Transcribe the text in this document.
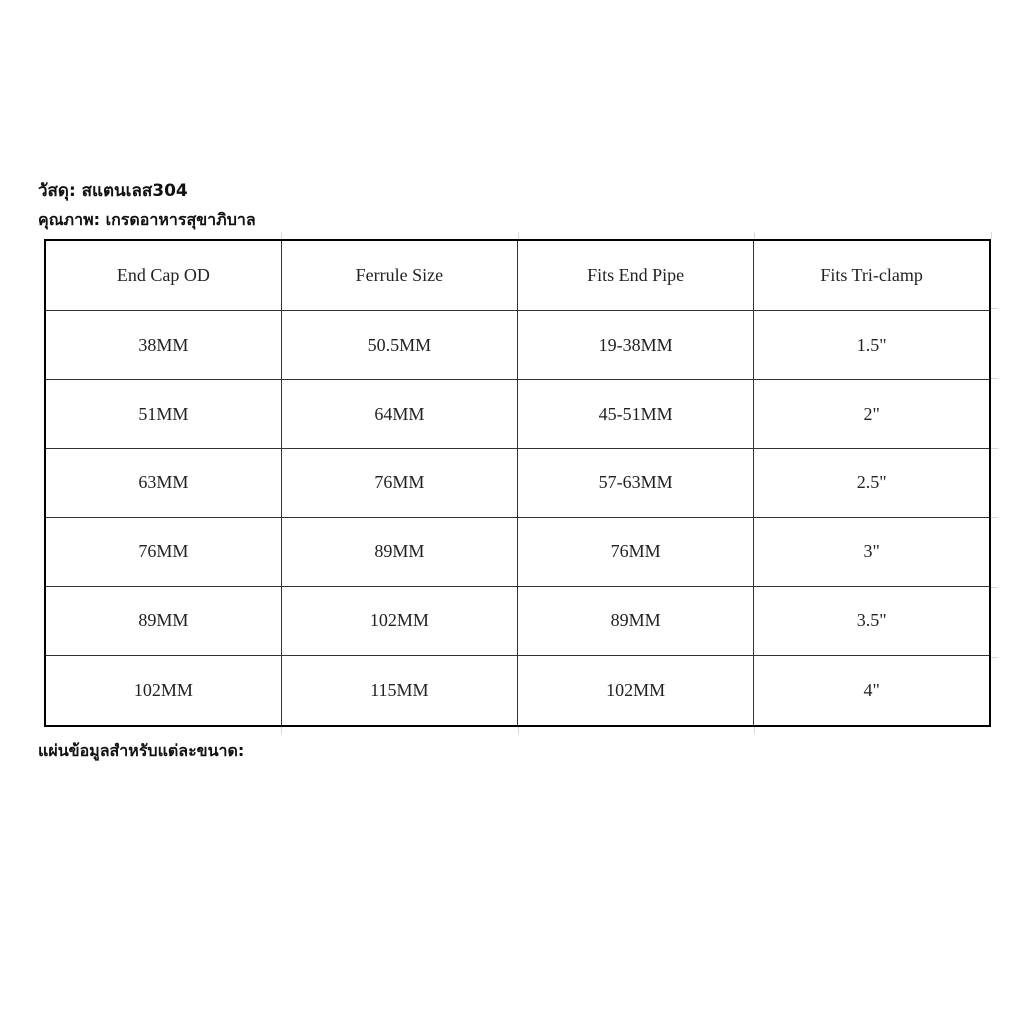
วัสดุ: สแตนเลส304
คุณภาพ: เกรดอาหารสุขาภิบาล
End Cap OD	Ferrule Size	Fits End Pipe	Fits Tri-clamp
38MM	50.5MM	19-38MM	1.5"
51MM	64MM	45-51MM	2"
63MM	76MM	57-63MM	2.5"
76MM	89MM	76MM	3"
89MM	102MM	89MM	3.5"
102MM	115MM	102MM	4"
แผ่นข้อมูลสำหรับแต่ละขนาด:
